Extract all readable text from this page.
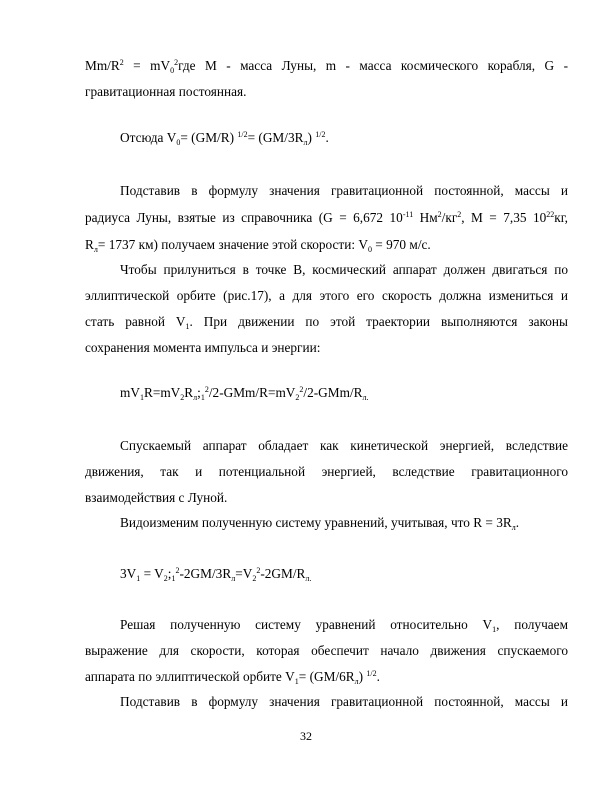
$Mm/R^2 = mV_0^2где$ М - масса Луны, m - масса космического корабля, G -
гравитационная постоянная.
Отсюда $V_0= (GM/R)$ $^{1/2}= (GM/3R_л)$ $^{1/2}$.
Подставив в формулу значения гравитационной постоянной, массы и
радиуса Луны, взятые из справочника (G = 6,672 $10^{-11}$ $Нм^2/кг^2$, М = 7,35 $10^{22}кг$,
$R_л= 1737$ км) получаем значение этой скорости: $V_0 = 970$ м/с.
Чтобы прилуниться в точке В, космический аппарат должен двигаться по
эллиптической орбите (рис.17), а для этого его скорость должна измениться и
стать равной $V_1$. При движении по этой траектории выполняются законы
сохранения момента импульса и энергии:
$mV_1R=mV_2R_л;_1^2/2-GMm/R=mV_2^2/2-GMm/R_{л.}$
Спускаемый аппарат обладает как кинетической энергией, вследствие
движения, так и потенциальной энергией, вследствие гравитационного
взаимодействия с Луной.
Видоизменим полученную систему уравнений, учитывая, что $R = 3R_л$.
$3V_1$ = $V_2;_1^2-2GM/3R_л=V_2^2-2GM/R_{л.}$
Решая полученную систему уравнений относительно $V_1$, получаем
выражение для скорости, которая обеспечит начало движения спускаемого
аппарата по эллиптической орбите $V_1= (GM/6R_л)$ $^{1/2}$.
Подставив в формулу значения гравитационной постоянной, массы и
32
